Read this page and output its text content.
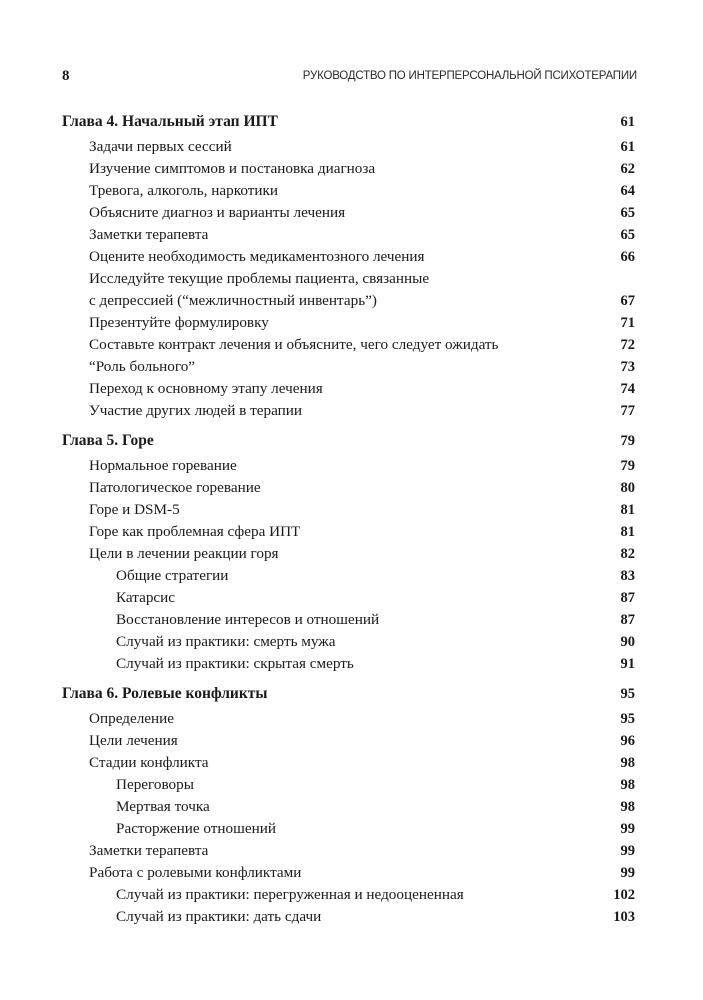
8	РУКОВОДСТВО ПО ИНТЕРПЕРСОНАЛЬНОЙ ПСИХОТЕРАПИИ
Глава 4. Начальный этап ИПТ	61
Задачи первых сессий	61
Изучение симптомов и постановка диагноза	62
Тревога, алкоголь, наркотики	64
Объясните диагноз и варианты лечения	65
Заметки терапевта	65
Оцените необходимость медикаментозного лечения	66
Исследуйте текущие проблемы пациента, связанные
с депрессией (“межличностный инвентарь”)	67
Презентуйте формулировку	71
Составьте контракт лечения и объясните, чего следует ожидать	72
“Роль больного”	73
Переход к основному этапу лечения	74
Участие других людей в терапии	77
Глава 5. Горе	79
Нормальное горевание	79
Патологическое горевание	80
Горе и DSM-5	81
Горе как проблемная сфера ИПТ	81
Цели в лечении реакции горя	82
Общие стратегии	83
Катарсис	87
Восстановление интересов и отношений	87
Случай из практики: смерть мужа	90
Случай из практики: скрытая смерть	91
Глава 6. Ролевые конфликты	95
Определение	95
Цели лечения	96
Стадии конфликта	98
Переговоры	98
Мертвая точка	98
Расторжение отношений	99
Заметки терапевта	99
Работа с ролевыми конфликтами	99
Случай из практики: перегруженная и недооцененная	102
Случай из практики: дать сдачи	103
